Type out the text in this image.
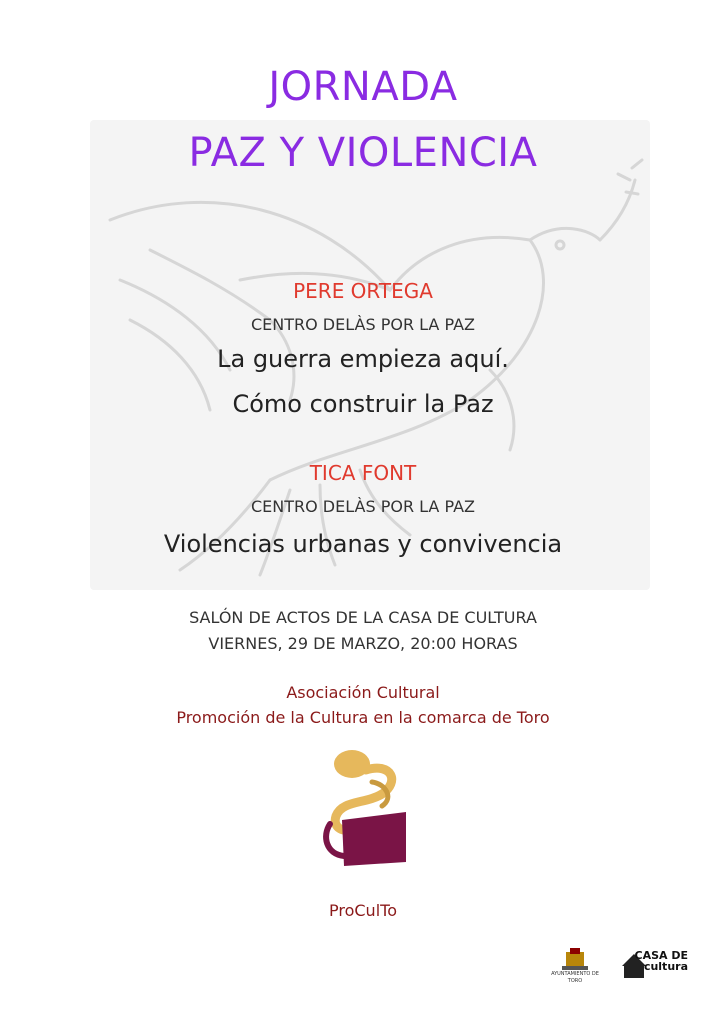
JORNADA
PAZ Y VIOLENCIA
PERE ORTEGA
CENTRO DELÀS POR LA PAZ
La guerra empieza aquí.
Cómo construir la Paz
TICA FONT
CENTRO DELÀS POR LA PAZ
Violencias urbanas y convivencia
SALÓN DE ACTOS DE LA CASA DE CULTURA
VIERNES, 29 DE MARZO, 20:00 HORAS
Asociación Cultural
Promoción de la Cultura en la comarca de Toro
ProCulTo
AYUNTAMIENTO DE TORO
CASA DE cultura
